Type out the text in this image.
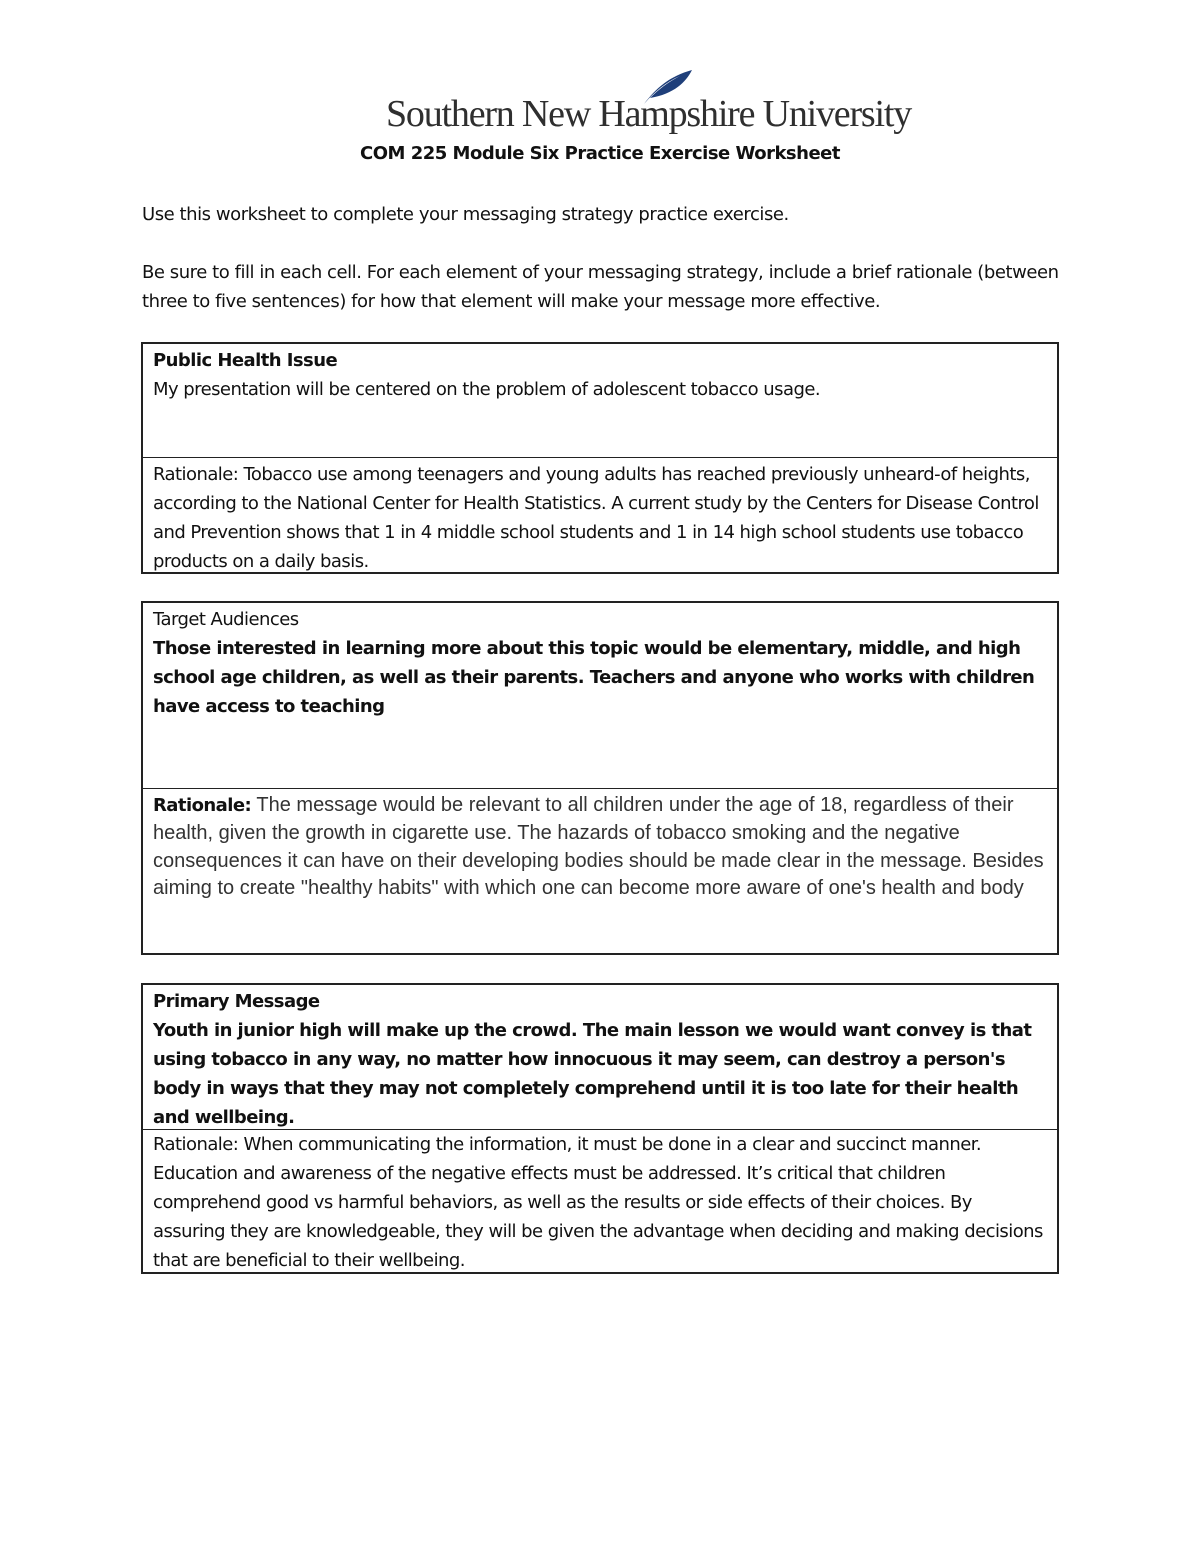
Southern New Hampshire University
COM 225 Module Six Practice Exercise Worksheet
Use this worksheet to complete your messaging strategy practice exercise.
Be sure to fill in each cell. For each element of your messaging strategy, include a brief rationale (between three to five sentences) for how that element will make your message more effective.
Public Health Issue
My presentation will be centered on the problem of adolescent tobacco usage.
Rationale: Tobacco use among teenagers and young adults has reached previously unheard-of heights, according to the National Center for Health Statistics. A current study by the Centers for Disease Control and Prevention shows that 1 in 4 middle school students and 1 in 14 high school students use tobacco products on a daily basis.
Target Audiences
Those interested in learning more about this topic would be elementary, middle, and high school age children, as well as their parents. Teachers and anyone who works with children have access to teaching
Rationale: The message would be relevant to all children under the age of 18, regardless of their health, given the growth in cigarette use. The hazards of tobacco smoking and the negative consequences it can have on their developing bodies should be made clear in the message. Besides aiming to create "healthy habits" with which one can become more aware of one's health and body
Primary Message
Youth in junior high will make up the crowd. The main lesson we would want convey is that using tobacco in any way, no matter how innocuous it may seem, can destroy a person's body in ways that they may not completely comprehend until it is too late for their health and wellbeing.
Rationale: When communicating the information, it must be done in a clear and succinct manner. Education and awareness of the negative effects must be addressed. It’s critical that children comprehend good vs harmful behaviors, as well as the results or side effects of their choices. By assuring they are knowledgeable, they will be given the advantage when deciding and making decisions that are beneficial to their wellbeing.
